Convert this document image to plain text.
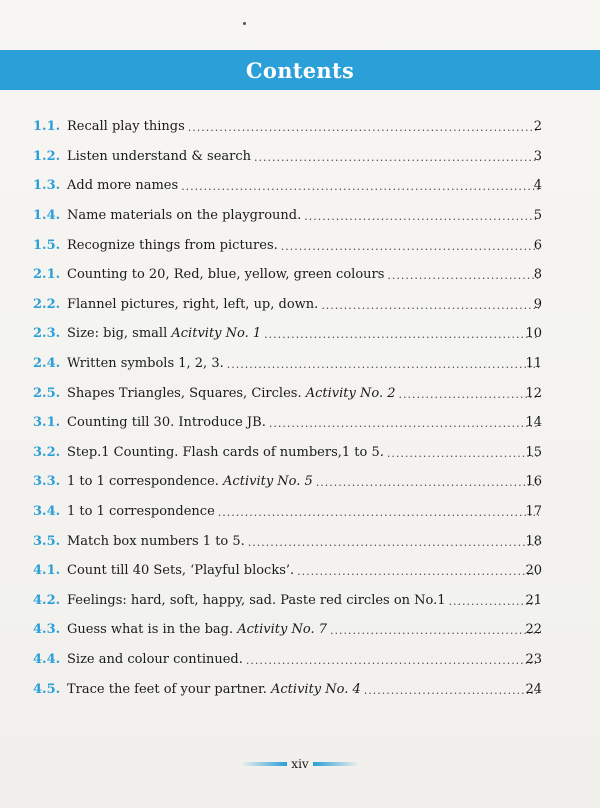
Contents
1.1. Recall play things .....	2
1.2. Listen understand & search .....	3
1.3. Add more names .....	4
1.4. Name materials on the playground. .....	5
1.5. Recognize things from pictures. .....	6
2.1. Counting to 20, Red, blue, yellow, green colours .....	8
2.2. Flannel pictures, right, left, up, down. .....	9
2.3. Size: big, small Acitvity No. 1 .....	10
2.4. Written symbols 1, 2, 3. .....	11
2.5. Shapes Triangles, Squares, Circles. Activity No. 2 .....	12
3.1. Counting till 30. Introduce JB. .....	14
3.2. Step.1 Counting. Flash cards of numbers,1 to 5. .....	15
3.3. 1 to 1 correspondence. Activity No. 5 .....	16
3.4. 1 to 1 correspondence .....	17
3.5. Match box numbers 1 to 5. .....	18
4.1. Count till 40 Sets, ‘Playful blocks’. .....	20
4.2. Feelings: hard, soft, happy, sad. Paste red circles on No.1 .....	21
4.3. Guess what is in the bag. Activity No. 7 .....	22
4.4. Size and colour continued. .....	23
4.5. Trace the feet of your partner. Activity No. 4 .....	24
xiv
